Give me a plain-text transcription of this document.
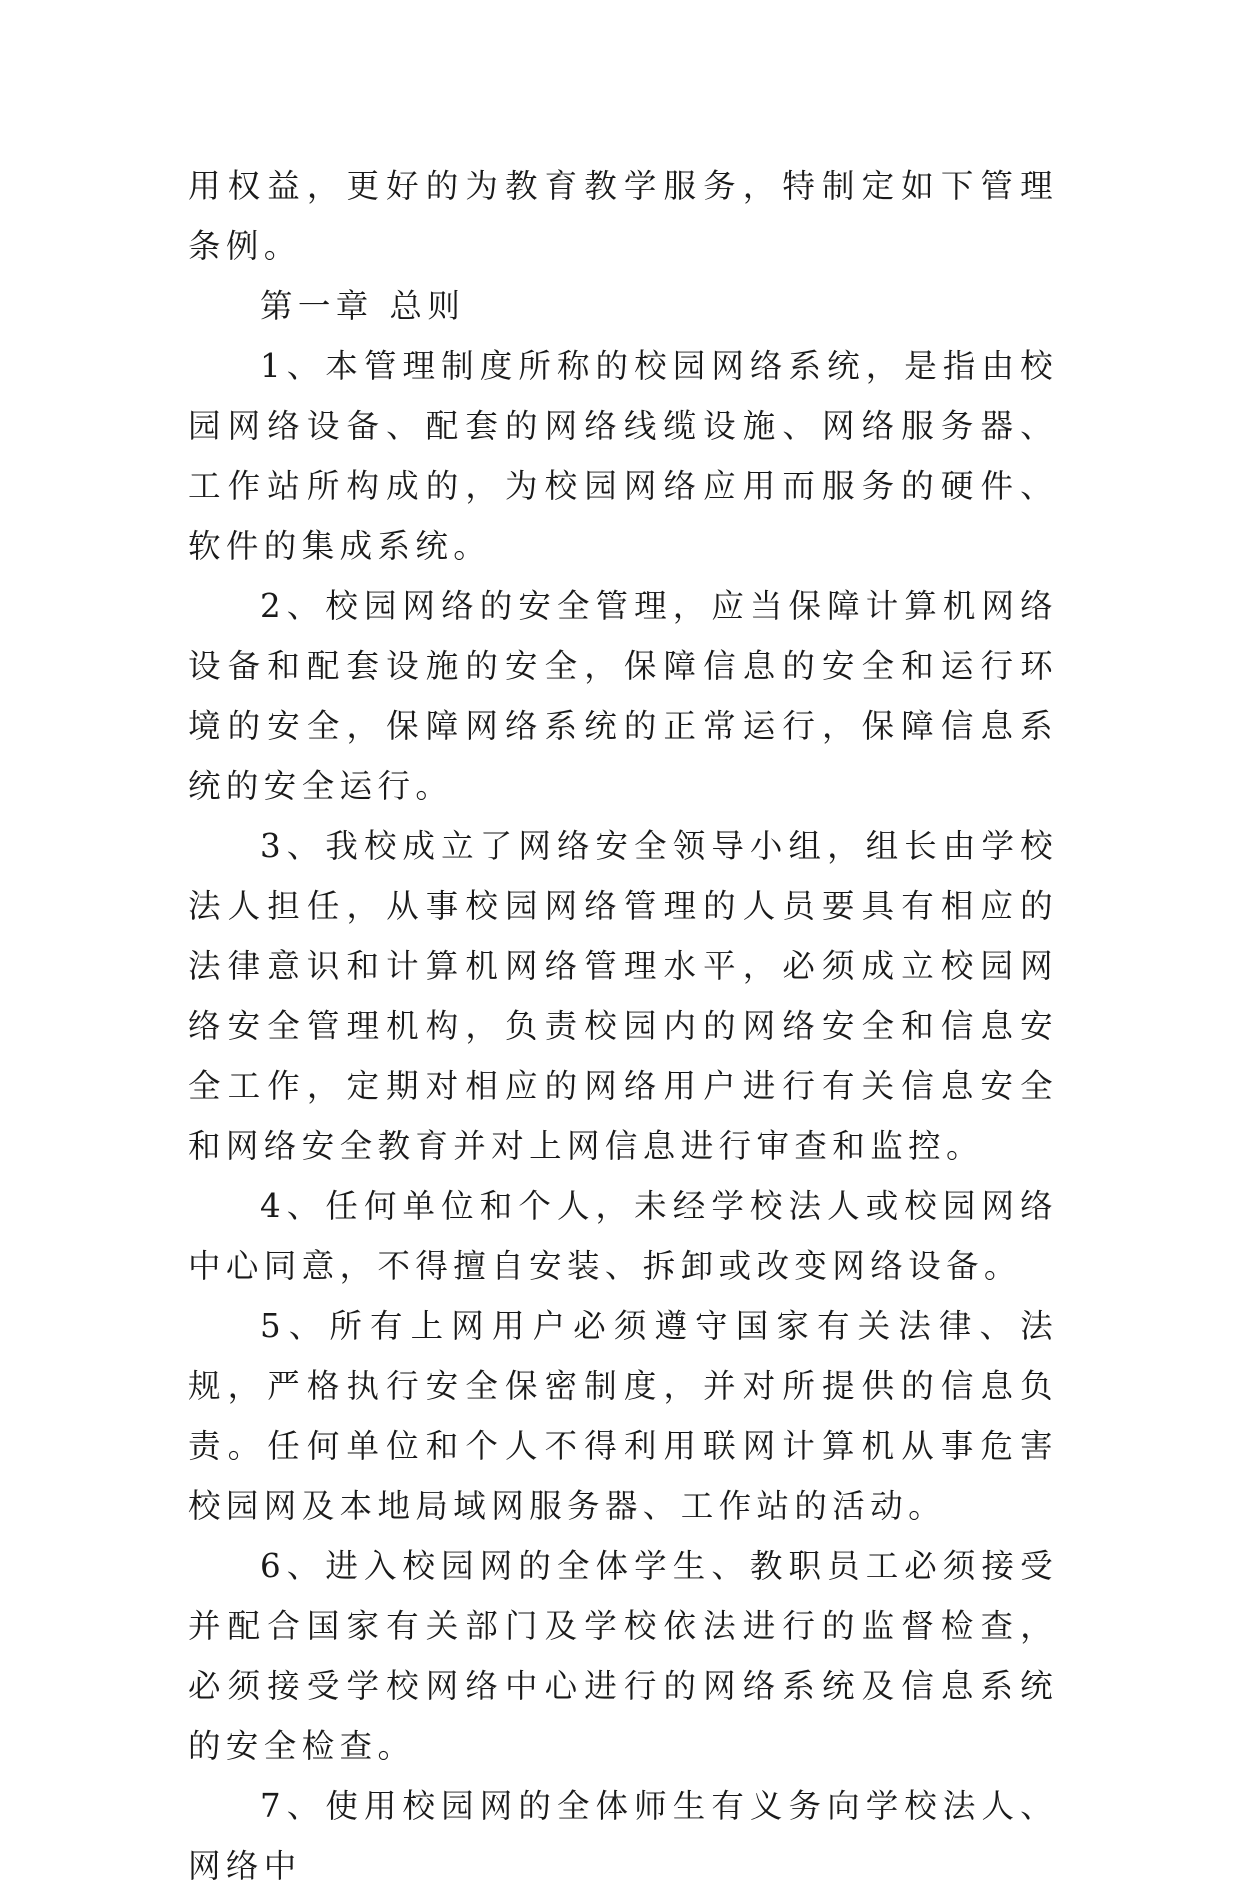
用权益，更好的为教育教学服务，特制定如下管理条例。

第一章 总则

1、本管理制度所称的校园网络系统，是指由校园网络设备、配套的网络线缆设施、网络服务器、工作站所构成的，为校园网络应用而服务的硬件、软件的集成系统。

2、校园网络的安全管理，应当保障计算机网络设备和配套设施的安全，保障信息的安全和运行环境的安全，保障网络系统的正常运行，保障信息系统的安全运行。

3、我校成立了网络安全领导小组，组长由学校法人担任，从事校园网络管理的人员要具有相应的法律意识和计算机网络管理水平，必须成立校园网络安全管理机构，负责校园内的网络安全和信息安全工作，定期对相应的网络用户进行有关信息安全和网络安全教育并对上网信息进行审查和监控。

4、任何单位和个人，未经学校法人或校园网络中心同意，不得擅自安装、拆卸或改变网络设备。

5、所有上网用户必须遵守国家有关法律、法规，严格执行安全保密制度，并对所提供的信息负责。任何单位和个人不得利用联网计算机从事危害校园网及本地局域网服务器、工作站的活动。

6、进入校园网的全体学生、教职员工必须接受并配合国家有关部门及学校依法进行的监督检查，必须接受学校网络中心进行的网络系统及信息系统的安全检查。

7、使用校园网的全体师生有义务向学校法人、网络中
